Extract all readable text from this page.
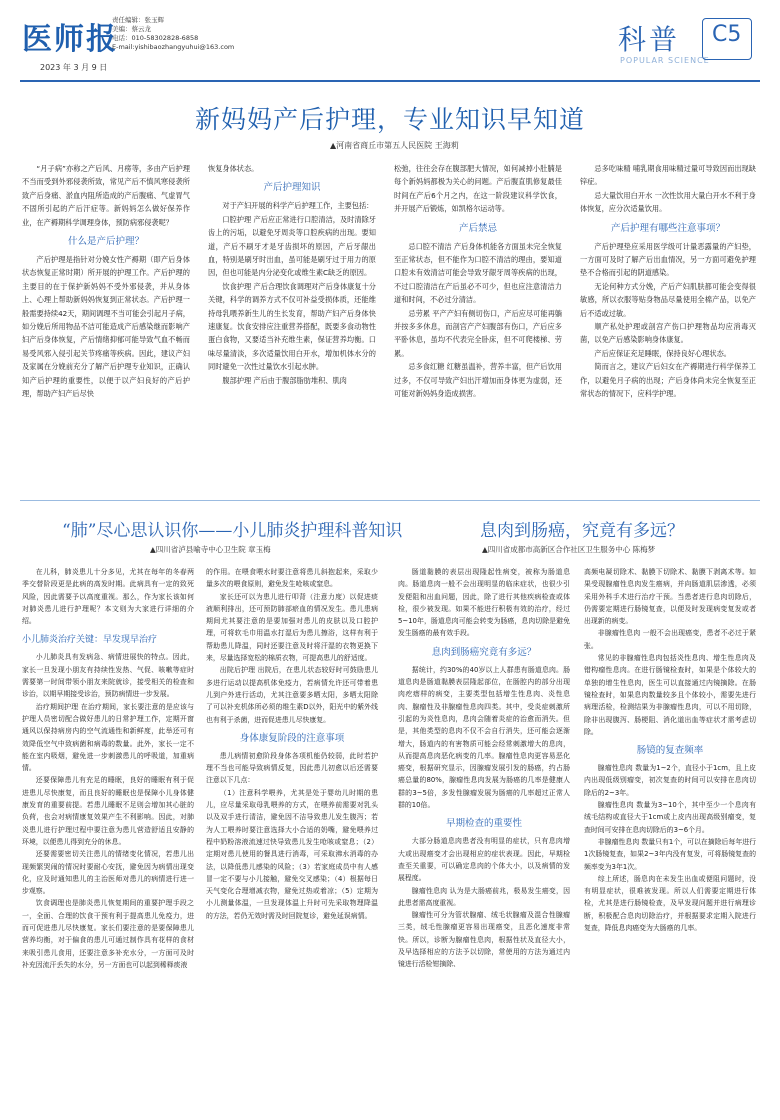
医师报
2023 年 3 月 9 日
责任编辑：张玉辉
美编：蔡云龙
电话：010-58302828-6858
E-mail:yishibaozhangyuhui@163.com	科普
POPULAR SCIENCE
C5
新妈妈产后护理，专业知识早知道
▲河南省商丘市第五人民医院 王海莉

“月子病”亦称之产后风、月痨等，多由产后护理不当而受到外邪侵袭所致，常见产后不慎风寒侵袭所致产后身痛、淤血内阻所造成的产后腹痛、气虚胃气不固所引起的产后汗症等。新妈妈怎么做好保养作业，在产褥期科学调理身体，预防病邪侵袭呢？

什么是产后护理？

产后护理是指针对分娩女性产褥期（即产后身体状态恢复正常时期）所开展的护理工作。产后护理的主要目的在于保护新妈妈不受外邪侵袭，并从身体上、心理上帮助新妈妈恢复到正常状态。产后护理一般需要持续42天，期间调理不当可能会引起月子病，如分娩后所用物品不洁可能造成产后感染继而影响产妇产后身体恢复，产后情绪抑郁可能导致气血不畅而易受风邪入侵引起关节疼痛等疾病。因此，建议产妇及家属在分娩前充分了解产后护理专业知识，正确认知产后护理的重要性，以便于以产妇良好的产后护理，帮助产妇产后尽快

恢复身体状态。

产后护理知识

对于产妇开展的科学产后护理工作，主要包括：

口腔护理 产后应正常进行口腔清洁，及时清除牙齿上的污垢，以避免牙周炎等口腔疾病的出现。要知道，产后不刷牙才是牙齿损坏的原因，产后牙龈出血，特别是刷牙时出血，虽可能是刷牙过于用力的原因，但也可能是内分泌变化或维生素C缺乏的原因。

饮食护理 产后合理饮食调理对产后身体康复十分关键，科学的调养方式不仅可补益受损体质，还能维持母乳喂养新生儿的生长发育，帮助产妇产后身体快速康复。饮食安排应注重营养搭配，既要多食动物性蛋白食物，又要适当补充维生素，保证营养均衡。口味尽量清淡，多次适量饮用白开水，增加机体水分的同时避免一次性过量饮水引起水肿。

腹部护理 产后由于腹部脂肪堆积、肌肉

松弛，往往会存在腹部肥大情况，如何减掉小肚腩是每个新妈妈都极为关心的问题。产后腹直肌修复最佳时间在产后6个月之内，在这一阶段建议科学饮食，并开展产后锻炼，如凯格尔运动等。

产后禁忌

忌口腔不清洁 产后身体机能各方面虽未完全恢复至正常状态，但不能作为口腔不清洁的理由，要知道口腔未有效清洁可能会导致牙龈牙周等疾病的出现，不过口腔清洁在产后虽必不可少，但也应注意清洁力道和时间，不必过分清洁。

忌劳累 平产产妇有侧切伤口，产后应尽可能再躺并按多多休息，而剖宫产产妇腹部有伤口，产后应多平卧休息，虽均不代表完全卧床，但不可爬楼梯、劳累。

忌多食红糖 红糖虽温补，营养丰富，但产后饮用过多，不仅可导致产妇出汗增加而身体更为虚弱，还可能对新妈妈身造成损害。

忌多吃味精 哺乳期食用味精过量可导致因而出现缺锌症。

忌大量饮用白开水 一次性饮用大量白开水不利于身体恢复，应分次适量饮用。

产后护理有哪些注意事项？

产后护理垫应采用医学级可计量恶露量的产妇垫，一方面可及时了解产后出血情况，另一方面可避免护理垫不合格而引起的阴道感染。

无论何种方式分娩，产后产妇肌肤都可能会变得很敏感，所以衣服等贴身物品尽量使用全棉产品，以免产后不适或过敏。

顺产私处护理或剖宫产伤口护理物品均应消毒灭菌，以免产后感染影响身体康复。

产后应保证充足睡眠，保持良好心理状态。

简而言之，建议产后妇女在产褥期进行科学保养工作，以避免月子病的出现；产后身体尚未完全恢复至正常状态的情况下，应科学护理。

“肺”尽心思认识你——小儿肺炎护理科普知识
▲四川省泸县喻寺中心卫生院 章玉梅

在儿科，肺炎患儿十分多见，尤其在每年的冬春两季交替阶段更是此病的高发时期。此病具有一定的致死风险，因此需要予以高度重视。那么，作为家长该如何对肺炎患儿进行护理呢？本文则为大家进行详细的介绍。

小儿肺炎治疗关键：早发现早治疗

小儿肺炎具有发病急、病情进展快的特点。因此，家长一旦发现小朋友有持续性发热、气促、咳嗽等症时需要第一时间带领小朋友来院就诊，接受相关的检查和诊治，以期早期接受诊治，预防病情进一步发展。

治疗期间护理 在治疗期间，家长要注意的是应该与护理人员密切配合做好患儿的日常护理工作，定期开窗通风以保持病房内的空气流通性和新鲜度，此举还可有效降低空气中致病菌和病毒的数量。此外，家长一定不能在室内吸烟，避免进一步刺激患儿的呼吸道，加重病情。

还要保障患儿有充足的睡眠，良好的睡眠有利于促进患儿尽快康复，而且良好的睡眠也是保障小儿身体健康发育的重要前提。若患儿睡眠不足则会增加其心脏的负荷，也会对病情康复效果产生不利影响。因此，对肺炎患儿进行护理过程中要注意为患儿营造舒适且安静的环境，以便患儿得到充分的休息。

还要需要密切关注患儿的情绪变化情况，若患儿出现频繁哭闹的情况时要耐心安抚，避免因为病情出现变化，应及时通知患儿的主治医师对患儿的病情进行进一步观察。

饮食调理也是肺炎患儿恢复期间的重要护理手段之一，全面、合理的饮食干预有利于提高患儿免疫力，进而可促进患儿尽快康复。家长们要注意的是要保障患儿营养均衡，对于偏食的患儿可通过制作具有花样的食材来吸引患儿食用，还要注意多补充水分，一方面可及时补充因流汗丢失的水分，另一方面也可以起到稀释痰液

的作用。在喂食喂水时要注意将患儿斜抱起来，采取少量多次的喂食原则，避免发生呛咳或窒息。

家长还可以为患儿进行叩背（注意力度）以促进痰液顺利排出，还可预防肺部瘀血的情况发生。患儿患病期间尤其要注意的是要加强对患儿的皮肤以及口腔护理，可将软毛巾用温水打湿后为患儿擦浴，这样有利于帮助患儿降温，同时还要注意及时将汗湿的衣物更换下来，尽量选择宽松的棉质衣物，可提高患儿的舒适度。

出院后护理 出院后，在患儿状态较好时可鼓励患儿多进行运动以提高机体免疫力，若病情允许还可带着患儿到户外进行活动，尤其注意要多晒太阳，多晒太阳除了可以补充机体所必须的维生素D以外，阳光中的紫外线也有利于杀菌，进而促进患儿尽快康复。

身体康复阶段的注意事项

患儿病情初愈阶段身体各项机能仍较弱，此时若护理不当也可能导致病情反复，因此患儿初愈以后还需要注意以下几点：

（1）注意科学喂养，尤其是处于婴幼儿时期的患儿，应尽量采取母乳喂养的方式，在喂养前需要对乳头以及双手进行清洁，避免因不洁导致患儿发生腹泻；若为人工喂养时要注意选择大小合适的奶嘴，避免喂养过程中奶粉溶液流速过快导致患儿发生呛咳或窒息；（2）定期对患儿使用的餐具进行消毒，可采取沸水消毒的办法，以降低患儿感染的风险；（3）若家庭成员中有人感冒一定不要与小儿接触，避免交叉感染；（4）根据每日天气变化合理增减衣物，避免过热或着凉；（5）定期为小儿测量体温，一旦发现体温上升时可先采取物理降温的方法，若仍无效时需及时回院复诊，避免延误病情。

息肉到肠癌，究竟有多远？
▲四川省成都市高新区合作社区卫生服务中心 陈梅梦

肠道黏膜的表层出现隆起性病变，被称为肠道息肉。肠道息肉一般不会出现明显的临床症状，也很少引发便阻和出血问题，因此，除了进行其他疾病检查或体检，很少被发现。如果不能进行积极有效的治疗，经过5~10年，肠道息肉可能会转变为肠癌，息肉切除是避免发生肠癌的最有效手段。

息肉到肠癌究竟有多远？

据统计，约30%的40岁以上人群患有肠道息肉。肠道息肉是肠道黏膜表层隆起部位，在肠腔内的部分出现肉疙瘩样的病变，主要类型包括增生性息肉、炎性息肉、腺瘤性及非腺瘤性息肉四类。其中，受炎症刺激所引起的为炎性息肉，息肉会随着炎症的治愈而消失。但是，其他类型的息肉不仅不会自行消失，还可能会逐渐增大，肠道内的有害物质可能会经常刺激增大的息肉，从而提高息肉恶化病变的几率。腺瘤性息肉更容易恶化癌变，根据研究显示，因腺瘤发展引发的肠癌，约占肠癌总量的80%，腺瘤性息肉发展为肠癌的几率是健康人群的3~5倍，多发性腺瘤发展为肠癌的几率超过正常人群的10倍。

早期检查的重要性

大部分肠道息肉患者没有明显的症状，只有息肉增大或出现癌变才会出现相应的症状表现。因此，早期检查至关重要，可以确定息肉的个体大小，以及病情的发展程度。

腺瘤性息肉 认为是大肠癌前兆，极易发生癌变，因此患者需高度重视。

腺瘤性可分为管状腺瘤、绒毛状腺瘤及混合性腺瘤三类，绒毛性腺瘤更容易出现癌变，且恶化速度非常快。所以，诊断为腺瘤性息肉，根据性状及直径大小，及早选择相应的方法予以切除，常使用的方法为通过内镜进行活检钳摘除、

高频电凝切除术、黏膜下切除术、黏膜下剥离术等。如果受现腺瘤性息肉发生癌病，并向肠道肌层渗透，必须采用外科手术进行治疗干预。当患者进行息肉切除后，仍需要定期进行肠镜复查，以便及时发现病变复发或者出现新的病变。

非腺瘤性息肉 一般不会出现癌变，患者不必过于紧张。

常见的非腺瘤性息肉包括炎性息肉、增生性息肉及错构瘤性息肉。在进行肠镜检查时，如果是个体较大的单独的增生性息肉，医生可以直接通过内镜摘除。在肠镜检查时，如果息肉数量较多且个体较小，需要先进行病理活检，检测结果为非腺瘤性息肉，可以不用切除，除非出现腹泻、肠梗阻、消化道出血等症状才需考虑切除。

肠镜的复查频率

腺瘤性息肉 数量为1~2个，直径小于1cm，且上皮内出现低级别瘤变，初次复查的时间可以安排在息肉切除后的2~3年。

腺瘤性息肉 数量为3~10个，其中至少一个息肉有绒毛结构或直径大于1cm或上皮内出现高级别瘤变，复查时间可安排在息肉切除后的3~6个月。

非腺瘤性息肉 数量只有1个，可以在摘除后每年进行1次肠镜复查，如果2~3年内没有复发，可将肠镜复查的频率变为3年1次。

综上所述，肠息肉在未发生出血或便阻问题时，没有明显症状，很难被发现。所以人们需要定期进行体检，尤其是进行肠镜检查，及早发现问题并进行病理诊断，积极配合息肉切除治疗，并根据要求定期入院进行复查，降低息肉癌变为大肠癌的几率。
